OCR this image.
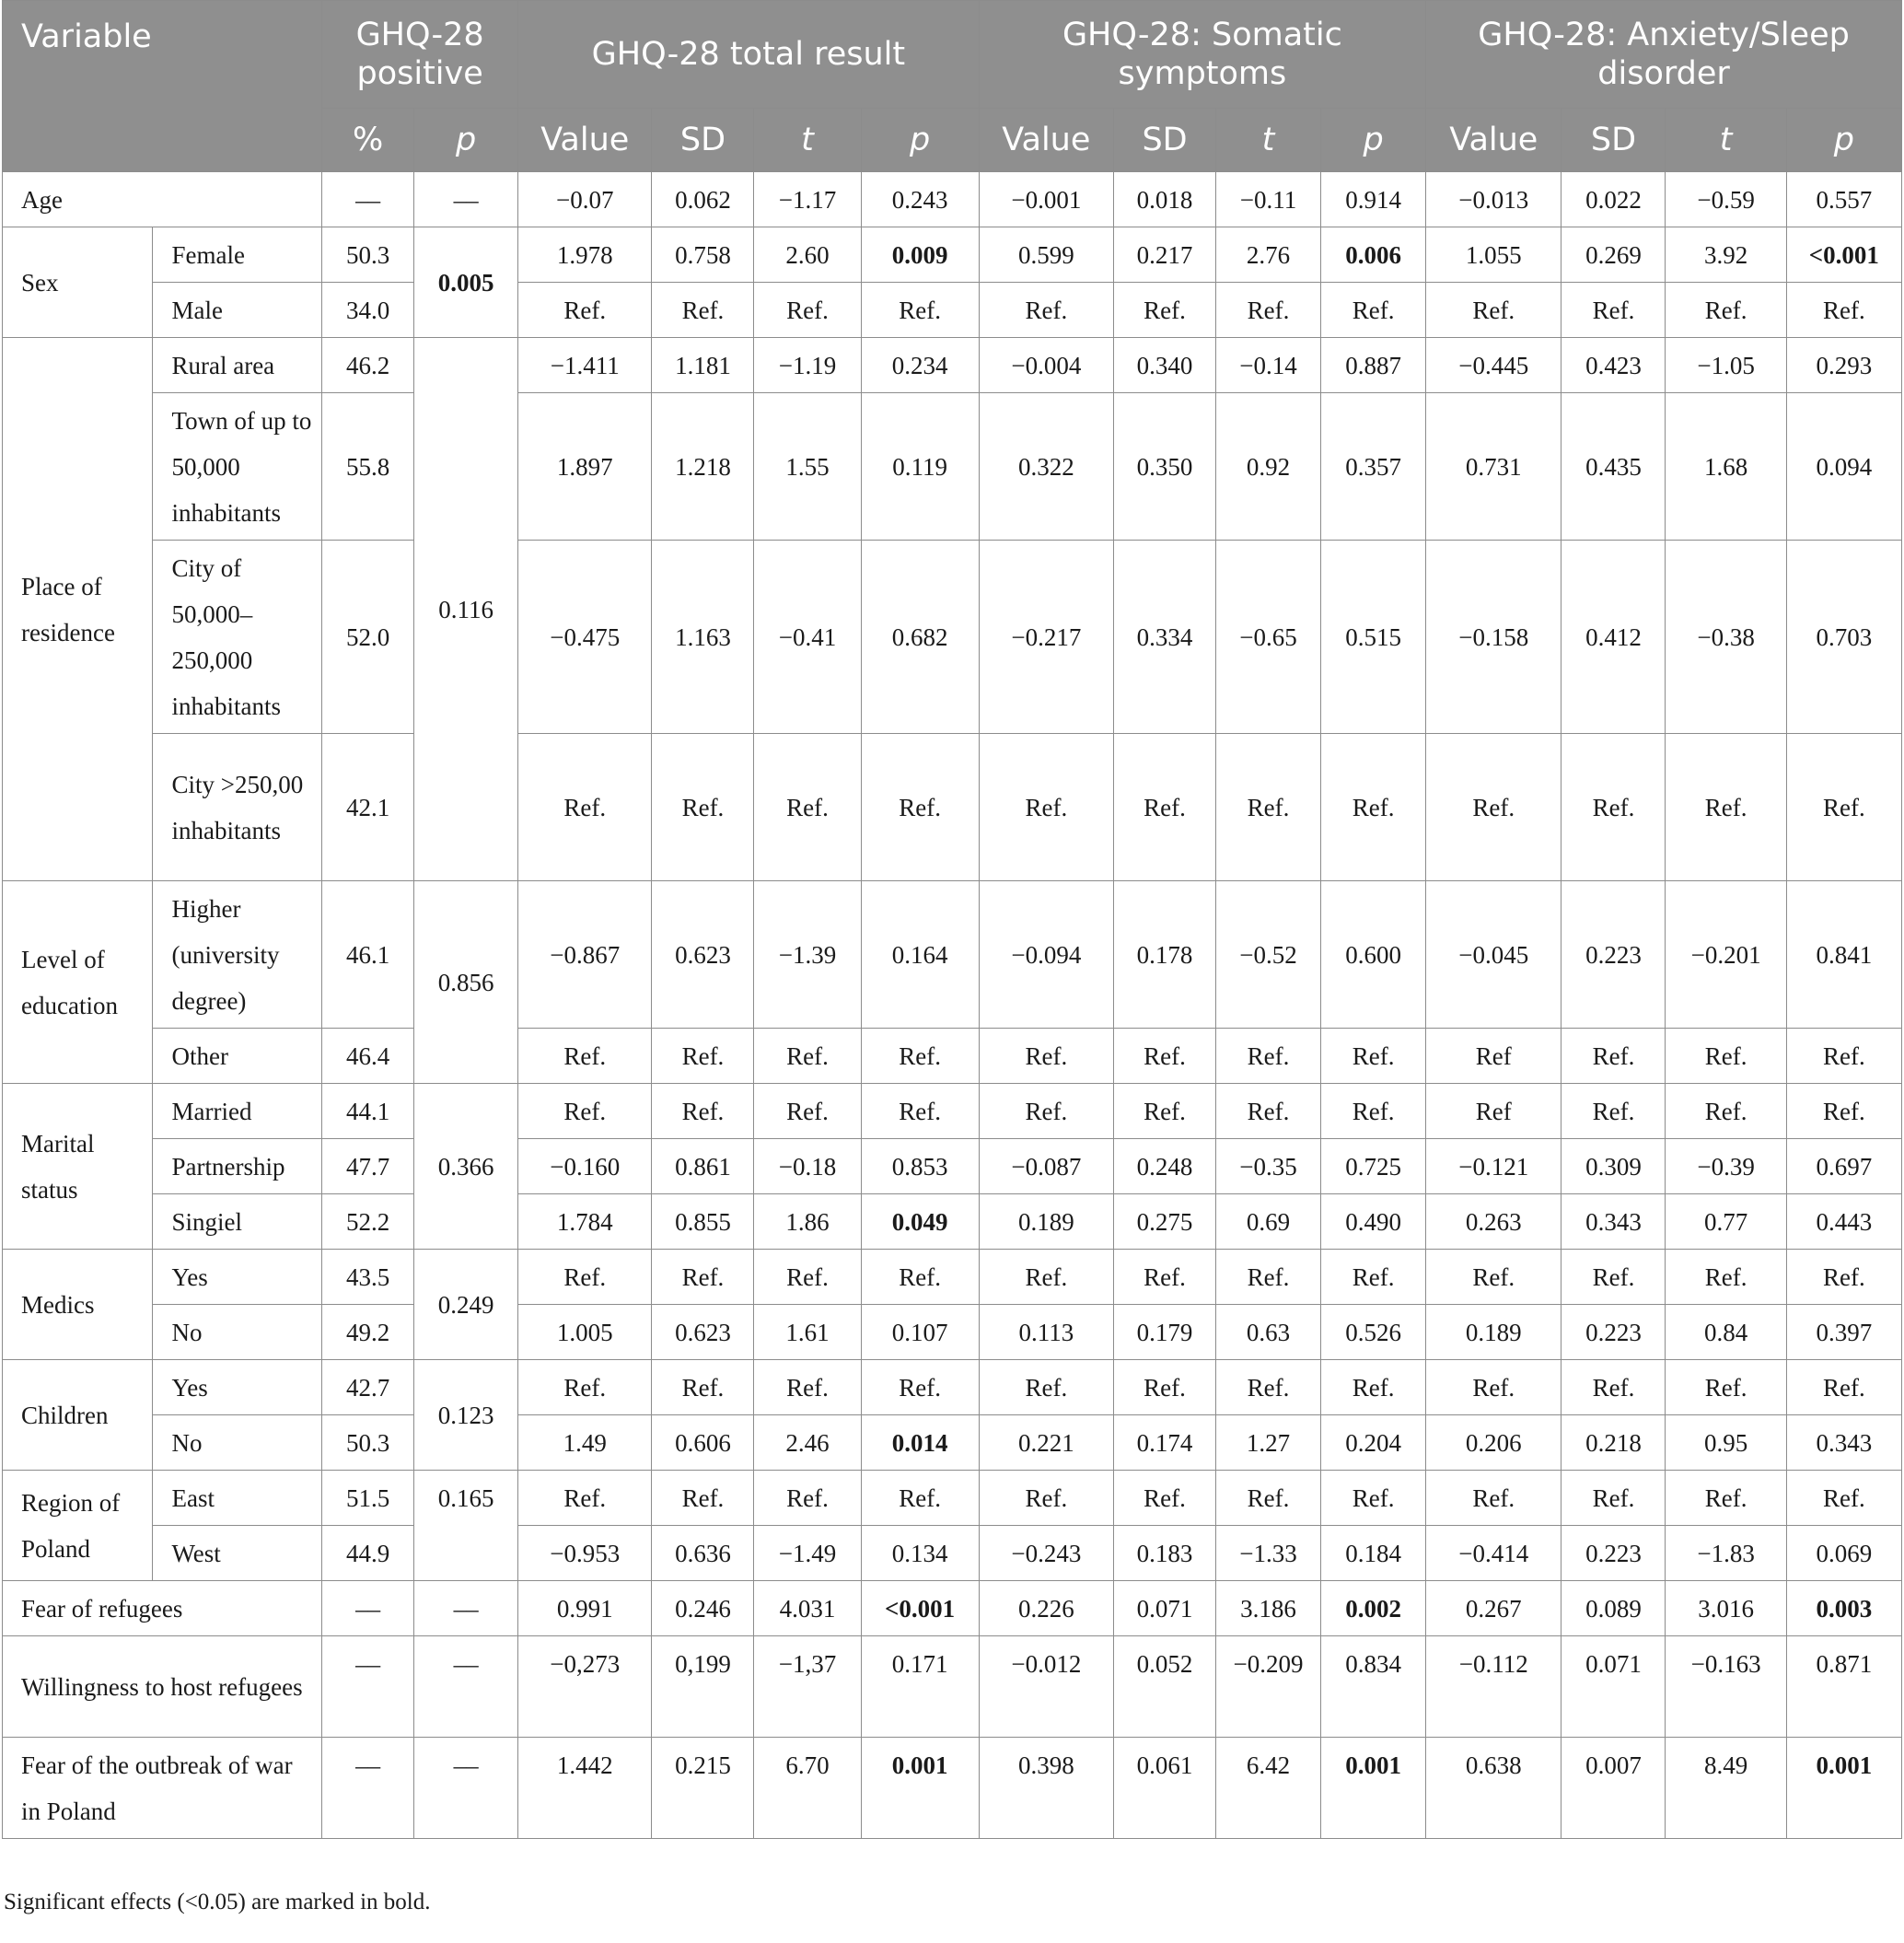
Variable		GHQ-28 positive		GHQ-28 total result				GHQ-28: Somatic symptoms				GHQ-28: Anxiety/Sleep disorder			
		%	p	Value	SD	t	p	Value	SD	t	p	Value	SD	t	p
Age		––	––	−0.07	0.062	−1.17	0.243	−0.001	0.018	−0.11	0.914	−0.013	0.022	−0.59	0.557
Sex	Female	50.3	0.005	1.978	0.758	2.60	0.009	0.599	0.217	2.76	0.006	1.055	0.269	3.92	<0.001
	Male	34.0		Ref.	Ref.	Ref.	Ref.	Ref.	Ref.	Ref.	Ref.	Ref.	Ref.	Ref.	Ref.
Place of residence	Rural area	46.2	0.116	−1.411	1.181	−1.19	0.234	−0.004	0.340	−0.14	0.887	−0.445	0.423	−1.05	0.293
	Town of up to 50,000 inhabitants	55.8		1.897	1.218	1.55	0.119	0.322	0.350	0.92	0.357	0.731	0.435	1.68	0.094
	City of 50,000–250,000 inhabitants	52.0		−0.475	1.163	−0.41	0.682	−0.217	0.334	−0.65	0.515	−0.158	0.412	−0.38	0.703
	City >250,00 inhabitants	42.1		Ref.	Ref.	Ref.	Ref.	Ref.	Ref.	Ref.	Ref.	Ref.	Ref.	Ref.	Ref.
Level of education	Higher (university degree)	46.1	0.856	−0.867	0.623	−1.39	0.164	−0.094	0.178	−0.52	0.600	−0.045	0.223	−0.201	0.841
	Other	46.4		Ref.	Ref.	Ref.	Ref.	Ref.	Ref.	Ref.	Ref.	Ref	Ref.	Ref.	Ref.
Marital status	Married	44.1	0.366	Ref.	Ref.	Ref.	Ref.	Ref.	Ref.	Ref.	Ref.	Ref	Ref.	Ref.	Ref.
	Partnership	47.7		−0.160	0.861	−0.18	0.853	−0.087	0.248	−0.35	0.725	−0.121	0.309	−0.39	0.697
	Singiel	52.2		1.784	0.855	1.86	0.049	0.189	0.275	0.69	0.490	0.263	0.343	0.77	0.443
Medics	Yes	43.5	0.249	Ref.	Ref.	Ref.	Ref.	Ref.	Ref.	Ref.	Ref.	Ref.	Ref.	Ref.	Ref.
	No	49.2		1.005	0.623	1.61	0.107	0.113	0.179	0.63	0.526	0.189	0.223	0.84	0.397
Children	Yes	42.7	0.123	Ref.	Ref.	Ref.	Ref.	Ref.	Ref.	Ref.	Ref.	Ref.	Ref.	Ref.	Ref.
	No	50.3		1.49	0.606	2.46	0.014	0.221	0.174	1.27	0.204	0.206	0.218	0.95	0.343
Region of Poland	East	51.5	0.165	Ref.	Ref.	Ref.	Ref.	Ref.	Ref.	Ref.	Ref.	Ref.	Ref.	Ref.	Ref.
	West	44.9		−0.953	0.636	−1.49	0.134	−0.243	0.183	−1.33	0.184	−0.414	0.223	−1.83	0.069
Fear of refugees		––	––	0.991	0.246	4.031	<0.001	0.226	0.071	3.186	0.002	0.267	0.089	3.016	0.003
Willingness to host refugees		––	––	−0,273	0,199	−1,37	0.171	−0.012	0.052	−0.209	0.834	−0.112	0.071	−0.163	0.871
Fear of the outbreak of war in Poland		––	––	1.442	0.215	6.70	0.001	0.398	0.061	6.42	0.001	0.638	0.007	8.49	0.001
Significant effects (<0.05) are marked in bold.
